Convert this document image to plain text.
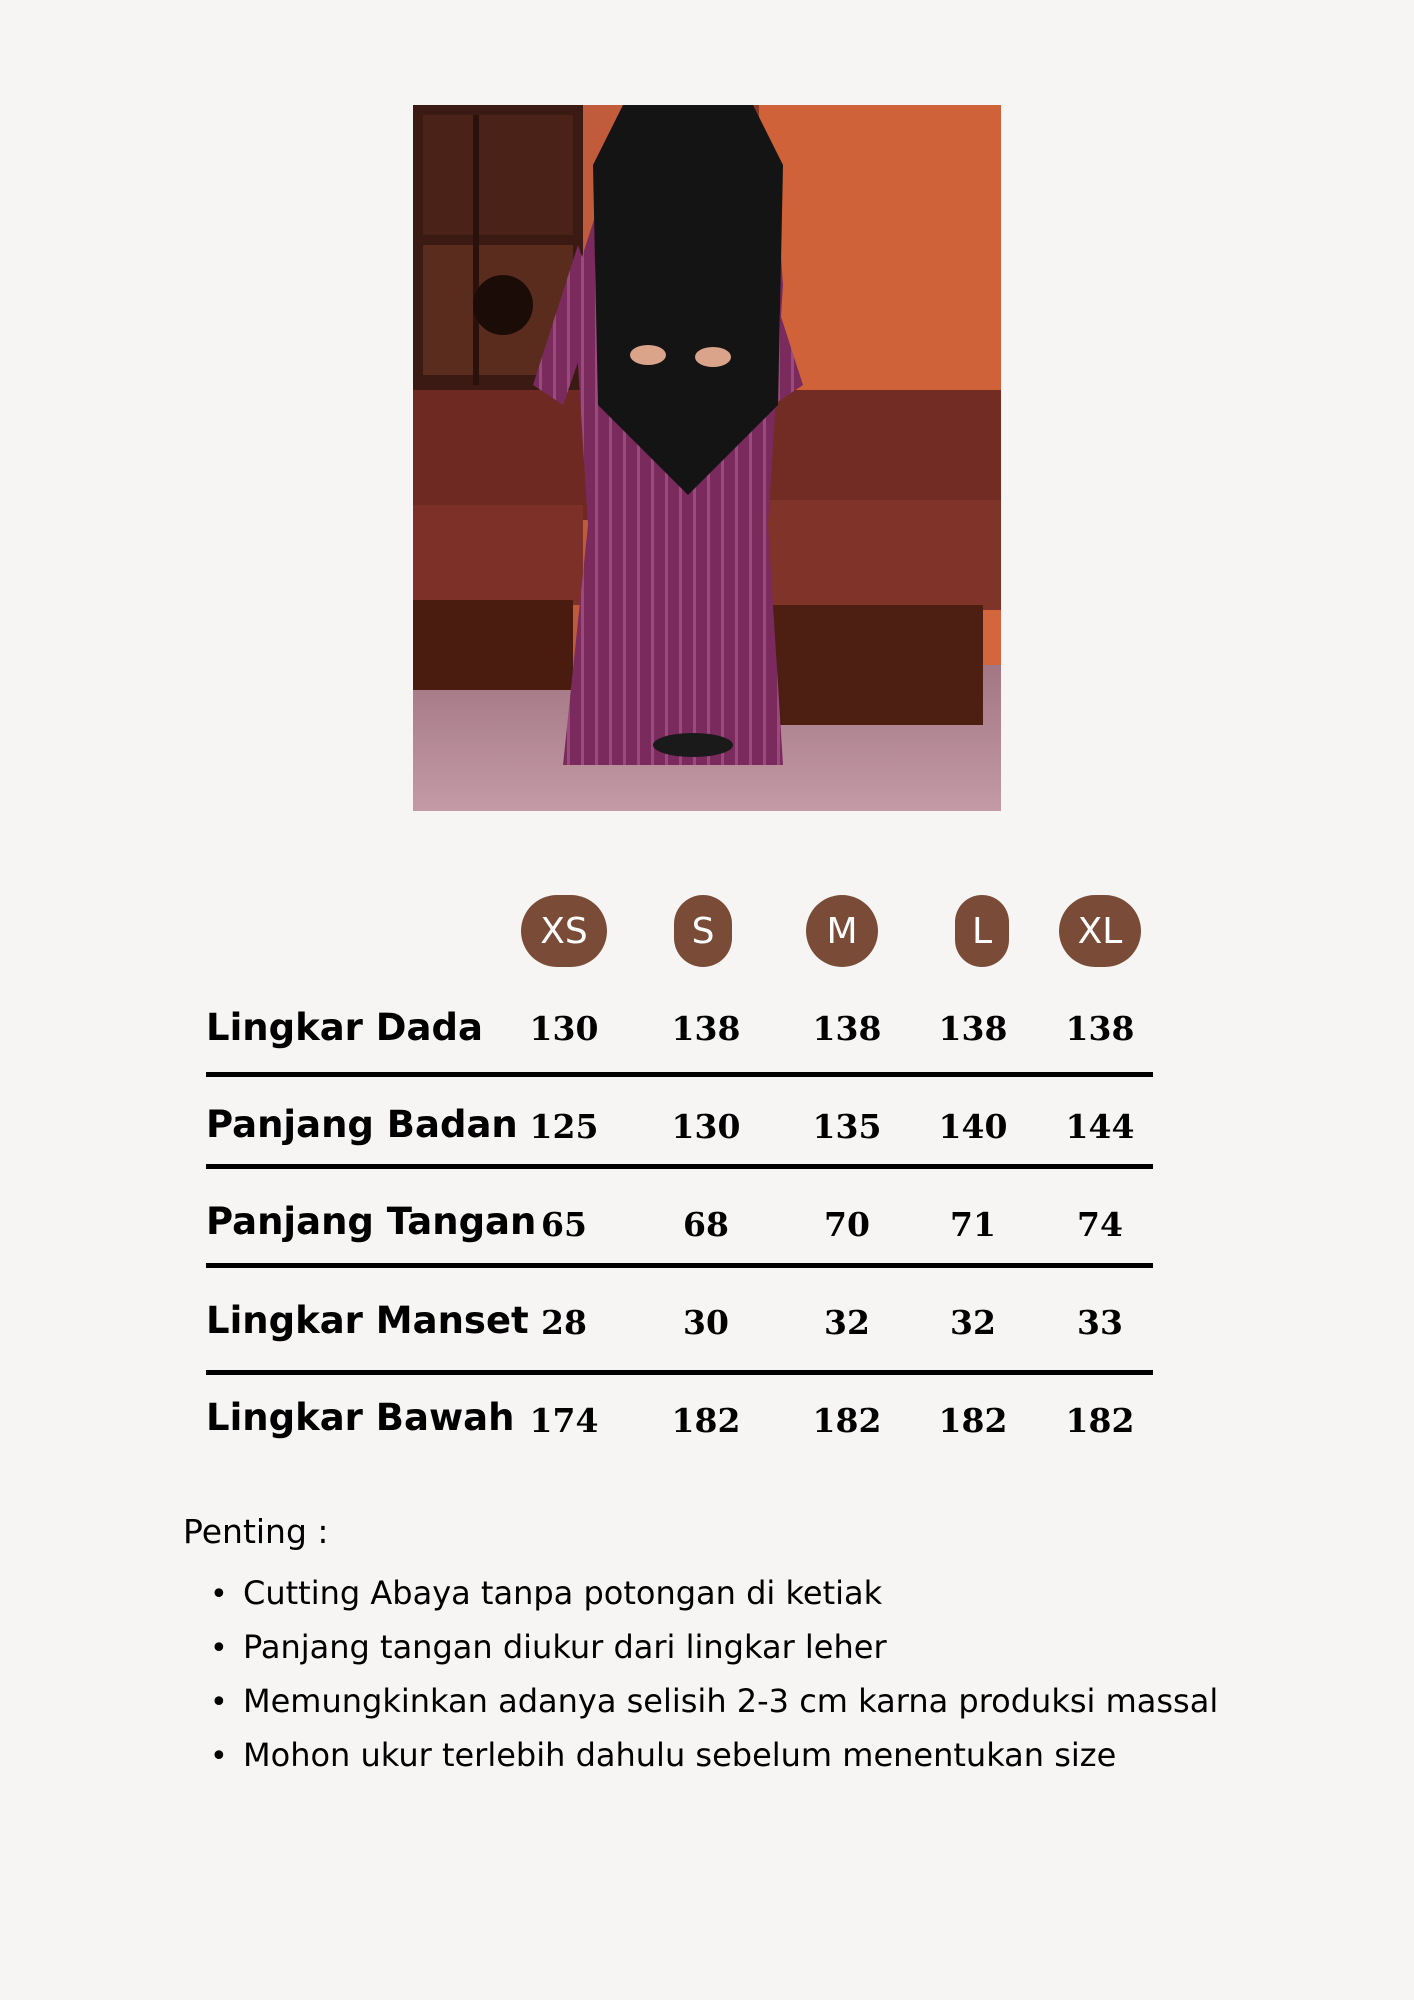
XS	S	M	L	XL
Lingkar Dada	130	138	138	138	138
Panjang Badan 125	130	135	140	144
Panjang Tangan 65	68	70	71	74
Lingkar Manset 28	30	32	32	33
Lingkar Bawah 174	182	182	182	182
Penting :
• Cutting Abaya tanpa potongan di ketiak
• Panjang tangan diukur dari lingkar leher
• Memungkinkan adanya selisih 2-3 cm karna produksi massal
• Mohon ukur terlebih dahulu sebelum menentukan size
